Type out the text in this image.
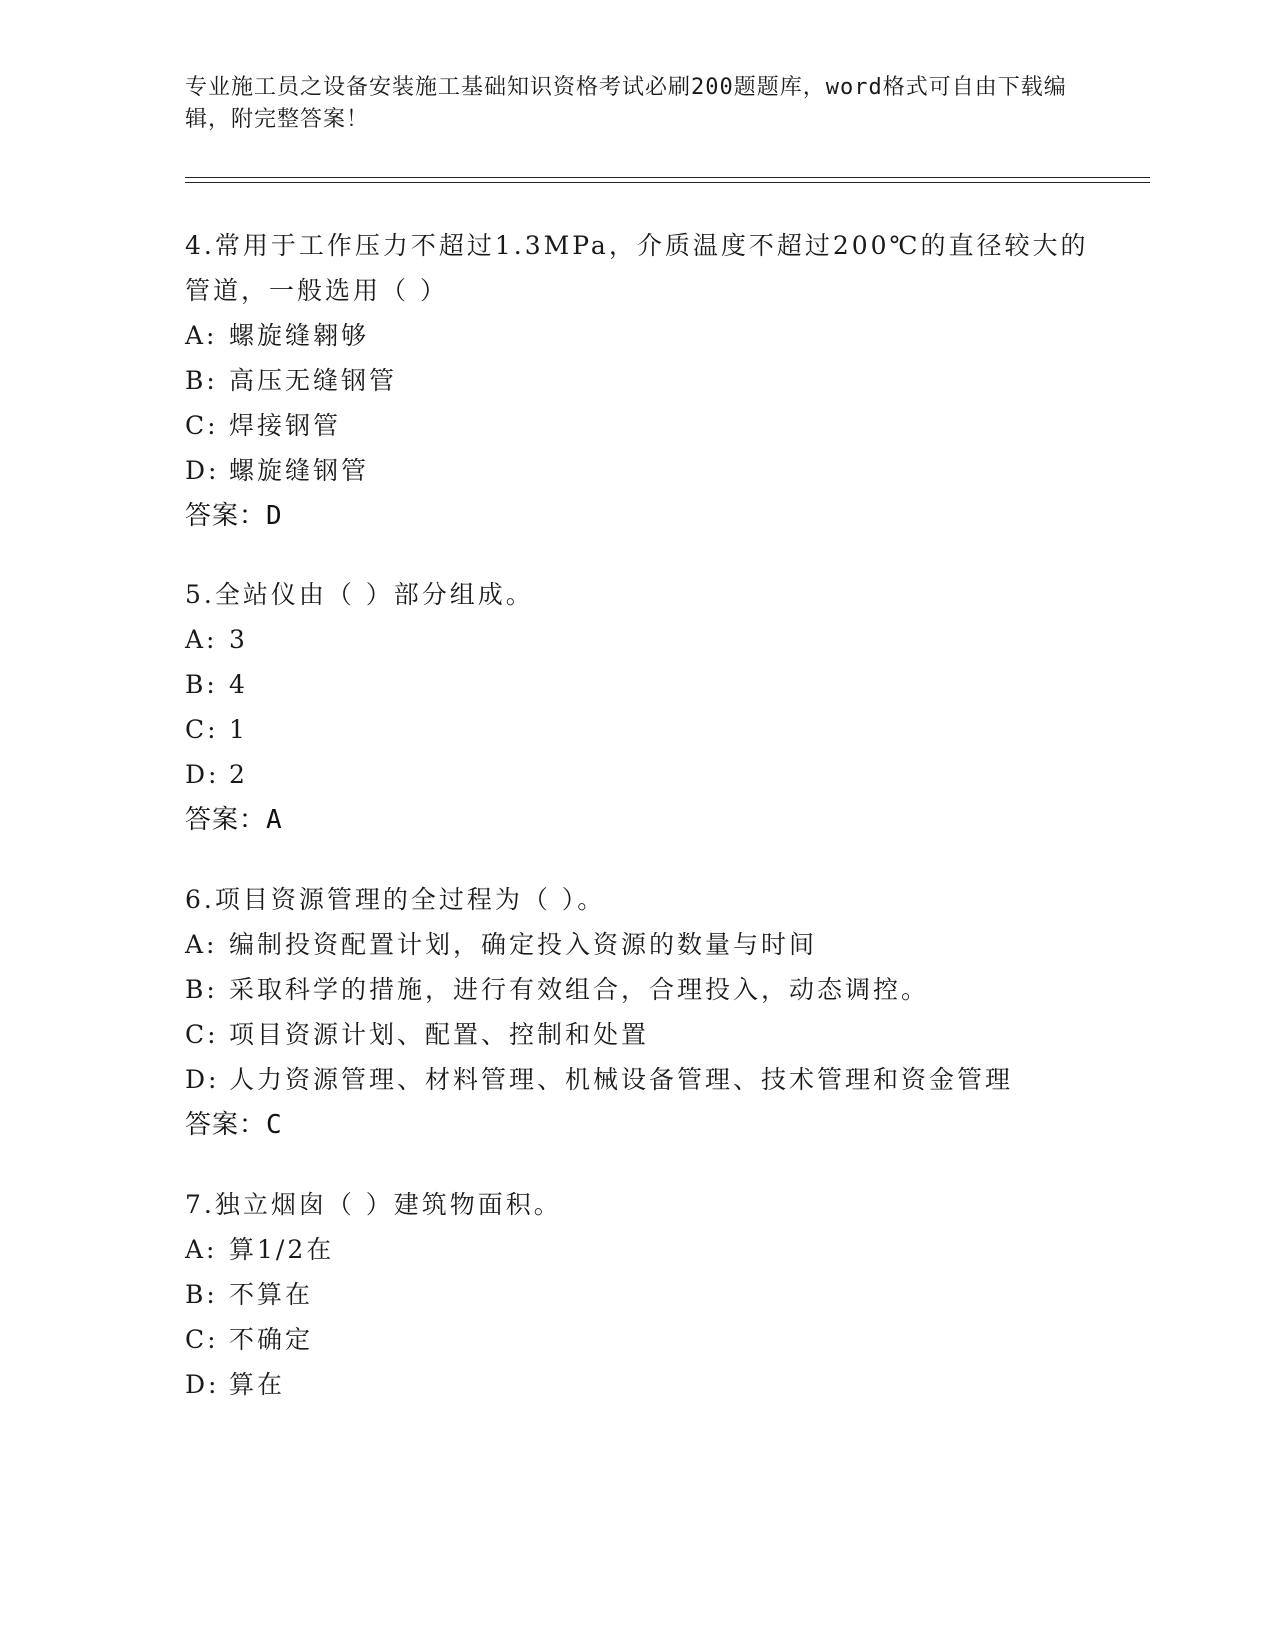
专业施工员之设备安装施工基础知识资格考试必刷200题题库，word格式可自由下载编辑，附完整答案！
4.常用于工作压力不超过1.3MPa，介质温度不超过200℃的直径较大的管道，一般选用（ ）
A: 螺旋缝翱够
B: 高压无缝钢管
C: 焊接钢管
D: 螺旋缝钢管
答案：D
5.全站仪由（ ）部分组成。
A: 3
B: 4
C: 1
D: 2
答案：A
6.项目资源管理的全过程为（ ）。
A: 编制投资配置计划，确定投入资源的数量与时间
B: 采取科学的措施，进行有效组合，合理投入，动态调控。
C: 项目资源计划、配置、控制和处置
D: 人力资源管理、材料管理、机械设备管理、技术管理和资金管理
答案：C
7.独立烟囱（ ）建筑物面积。
A: 算1/2在
B: 不算在
C: 不确定
D: 算在
